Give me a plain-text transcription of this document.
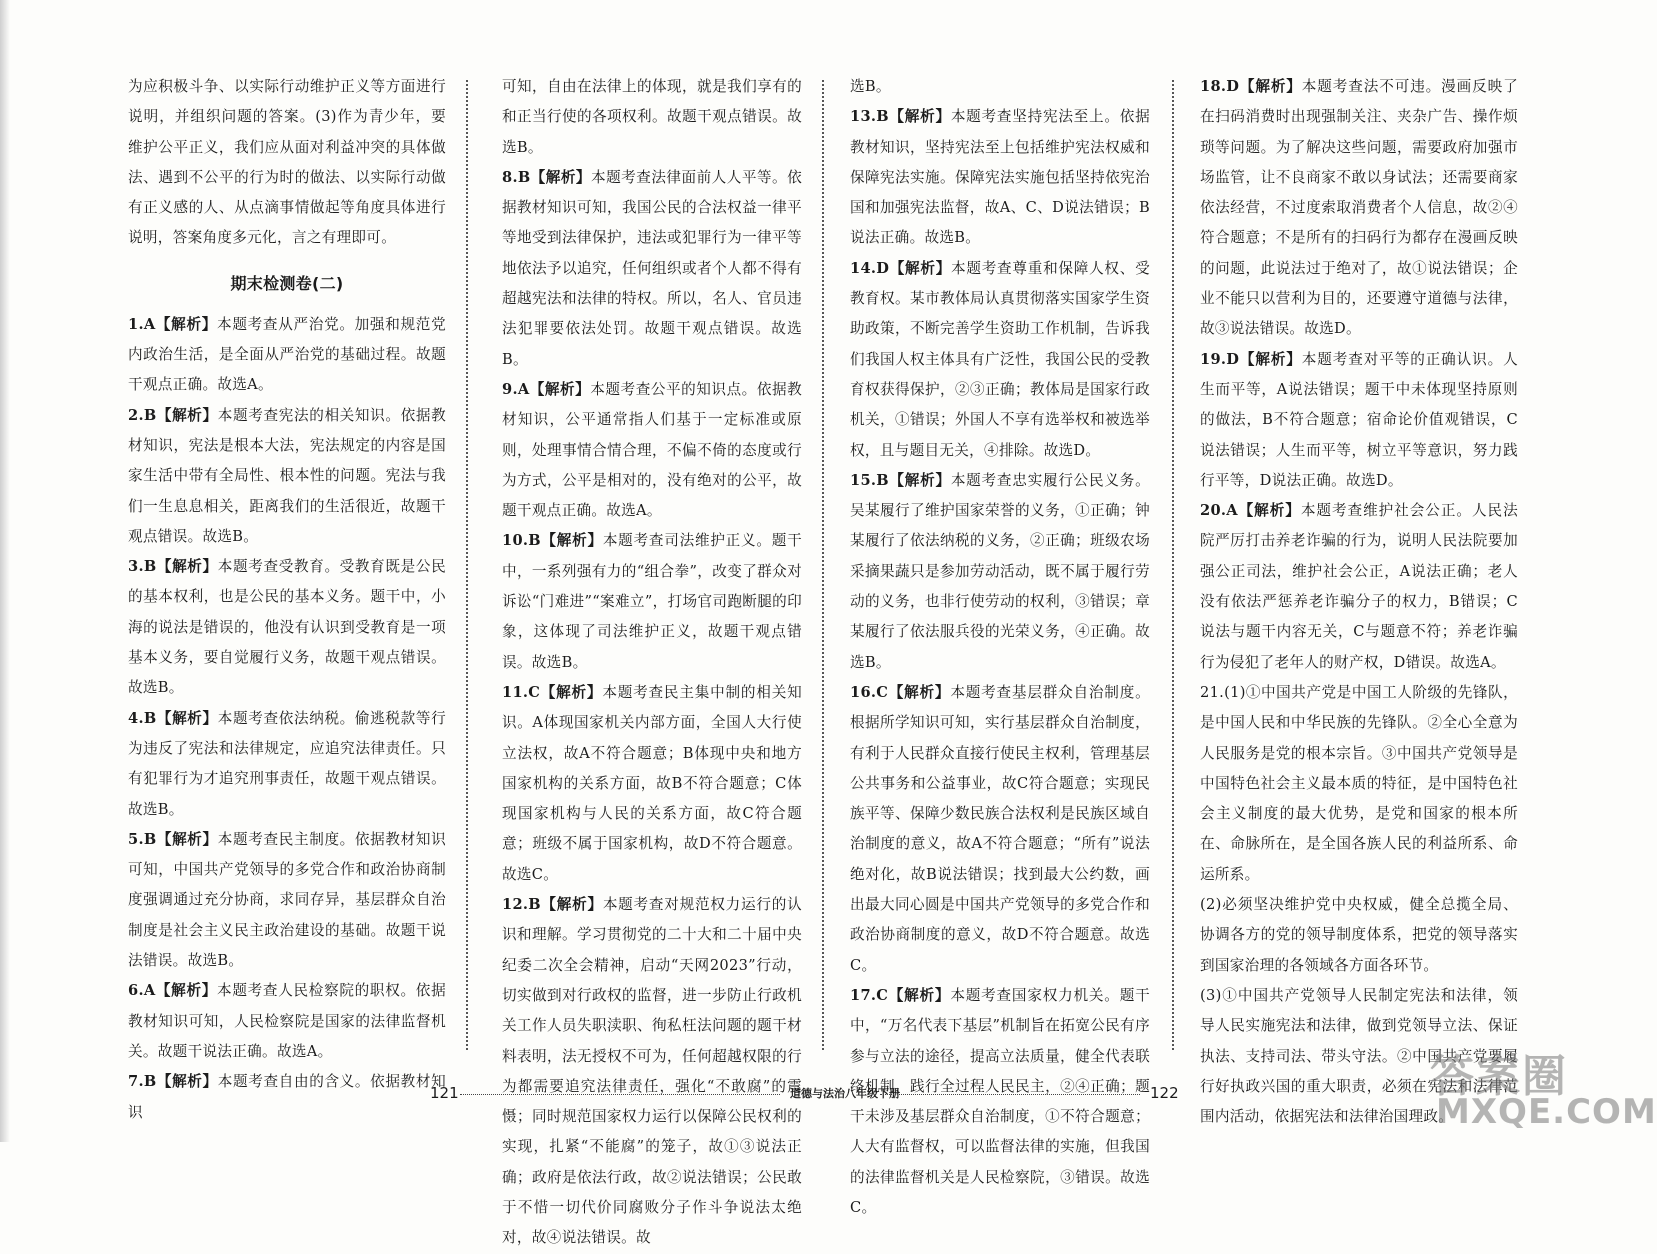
为应积极斗争、以实际行动维护正义等方面进行说明，并组织问题的答案。(3)作为青少年，要维护公平正义，我们应从面对利益冲突的具体做法、遇到不公平的行为时的做法、以实际行动做有正义感的人、从点滴事情做起等角度具体进行说明，答案角度多元化，言之有理即可。

期末检测卷(二)

1.A【解析】本题考查从严治党。加强和规范党内政治生活，是全面从严治党的基础过程。故题干观点正确。故选A。

2.B【解析】本题考查宪法的相关知识。依据教材知识，宪法是根本大法，宪法规定的内容是国家生活中带有全局性、根本性的问题。宪法与我们一生息息相关，距离我们的生活很近，故题干观点错误。故选B。

3.B【解析】本题考查受教育。受教育既是公民的基本权利，也是公民的基本义务。题干中，小海的说法是错误的，他没有认识到受教育是一项基本义务，要自觉履行义务，故题干观点错误。故选B。

4.B【解析】本题考查依法纳税。偷逃税款等行为违反了宪法和法律规定，应追究法律责任。只有犯罪行为才追究刑事责任，故题干观点错误。故选B。

5.B【解析】本题考查民主制度。依据教材知识可知，中国共产党领导的多党合作和政治协商制度强调通过充分协商，求同存异，基层群众自治制度是社会主义民主政治建设的基础。故题干说法错误。故选B。

6.A【解析】本题考查人民检察院的职权。依据教材知识可知，人民检察院是国家的法律监督机关。故题干说法正确。故选A。

7.B【解析】本题考查自由的含义。依据教材知识

可知，自由在法律上的体现，就是我们享有的和正当行使的各项权利。故题干观点错误。故选B。

8.B【解析】本题考查法律面前人人平等。依据教材知识可知，我国公民的合法权益一律平等地受到法律保护，违法或犯罪行为一律平等地依法予以追究，任何组织或者个人都不得有超越宪法和法律的特权。所以，名人、官员违法犯罪要依法处罚。故题干观点错误。故选B。

9.A【解析】本题考查公平的知识点。依据教材知识，公平通常指人们基于一定标准或原则，处理事情合情合理，不偏不倚的态度或行为方式，公平是相对的，没有绝对的公平，故题干观点正确。故选A。

10.B【解析】本题考查司法维护正义。题干中，一系列强有力的“组合拳”，改变了群众对诉讼“门难进”“案难立”，打场官司跑断腿的印象，这体现了司法维护正义，故题干观点错误。故选B。

11.C【解析】本题考查民主集中制的相关知识。A体现国家机关内部方面，全国人大行使立法权，故A不符合题意；B体现中央和地方国家机构的关系方面，故B不符合题意；C体现国家机构与人民的关系方面，故C符合题意；班级不属于国家机构，故D不符合题意。故选C。

12.B【解析】本题考查对规范权力运行的认识和理解。学习贯彻党的二十大和二十届中央纪委二次全会精神，启动“天网2023”行动，切实做到对行政权的监督，进一步防止行政机关工作人员失职渎职、徇私枉法问题的题干材料表明，法无授权不可为，任何超越权限的行为都需要追究法律责任，强化“不敢腐”的震慑；同时规范国家权力运行以保障公民权利的实现，扎紧“不能腐”的笼子，故①③说法正确；政府是依法行政，故②说法错误；公民敢于不惜一切代价同腐败分子作斗争说法太绝对，故④说法错误。故

选B。

13.B【解析】本题考查坚持宪法至上。依据教材知识，坚持宪法至上包括维护宪法权威和保障宪法实施。保障宪法实施包括坚持依宪治国和加强宪法监督，故A、C、D说法错误；B说法正确。故选B。

14.D【解析】本题考查尊重和保障人权、受教育权。某市教体局认真贯彻落实国家学生资助政策，不断完善学生资助工作机制，告诉我们我国人权主体具有广泛性，我国公民的受教育权获得保护，②③正确；教体局是国家行政机关，①错误；外国人不享有选举权和被选举权，且与题目无关，④排除。故选D。

15.B【解析】本题考查忠实履行公民义务。吴某履行了维护国家荣誉的义务，①正确；钟某履行了依法纳税的义务，②正确；班级农场采摘果蔬只是参加劳动活动，既不属于履行劳动的义务，也非行使劳动的权利，③错误；章某履行了依法服兵役的光荣义务，④正确。故选B。

16.C【解析】本题考查基层群众自治制度。根据所学知识可知，实行基层群众自治制度，有利于人民群众直接行使民主权利，管理基层公共事务和公益事业，故C符合题意；实现民族平等、保障少数民族合法权利是民族区域自治制度的意义，故A不符合题意；“所有”说法绝对化，故B说法错误；找到最大公约数，画出最大同心圆是中国共产党领导的多党合作和政治协商制度的意义，故D不符合题意。故选C。

17.C【解析】本题考查国家权力机关。题干中，“万名代表下基层”机制旨在拓宽公民有序参与立法的途径，提高立法质量，健全代表联络机制，践行全过程人民民主，②④正确；题干未涉及基层群众自治制度，①不符合题意；人大有监督权，可以监督法律的实施，但我国的法律监督机关是人民检察院，③错误。故选C。

18.D【解析】本题考查法不可违。漫画反映了在扫码消费时出现强制关注、夹杂广告、操作烦琐等问题。为了解决这些问题，需要政府加强市场监管，让不良商家不敢以身试法；还需要商家依法经营，不过度索取消费者个人信息，故②④符合题意；不是所有的扫码行为都存在漫画反映的问题，此说法过于绝对了，故①说法错误；企业不能只以营利为目的，还要遵守道德与法律，故③说法错误。故选D。

19.D【解析】本题考查对平等的正确认识。人生而平等，A说法错误；题干中未体现坚持原则的做法，B不符合题意；宿命论价值观错误，C说法错误；人生而平等，树立平等意识，努力践行平等，D说法正确。故选D。

20.A【解析】本题考查维护社会公正。人民法院严厉打击养老诈骗的行为，说明人民法院要加强公正司法，维护社会公正，A说法正确；老人没有依法严惩养老诈骗分子的权力，B错误；C说法与题干内容无关，C与题意不符；养老诈骗行为侵犯了老年人的财产权，D错误。故选A。

21.(1)①中国共产党是中国工人阶级的先锋队，是中国人民和中华民族的先锋队。②全心全意为人民服务是党的根本宗旨。③中国共产党领导是中国特色社会主义最本质的特征，是中国特色社会主义制度的最大优势，是党和国家的根本所在、命脉所在，是全国各族人民的利益所系、命运所系。

(2)必须坚决维护党中央权威，健全总揽全局、协调各方的党的领导制度体系，把党的领导落实到国家治理的各领域各方面各环节。

(3)①中国共产党领导人民制定宪法和法律，领导人民实施宪法和法律，做到党领导立法、保证执法、支持司法、带头守法。②中国共产党要履行好执政兴国的重大职责，必须在宪法和法律范围内活动，依据宪法和法律治国理政。

121	道德与法治八年级下册	122	答案圈
MXQE.COM
